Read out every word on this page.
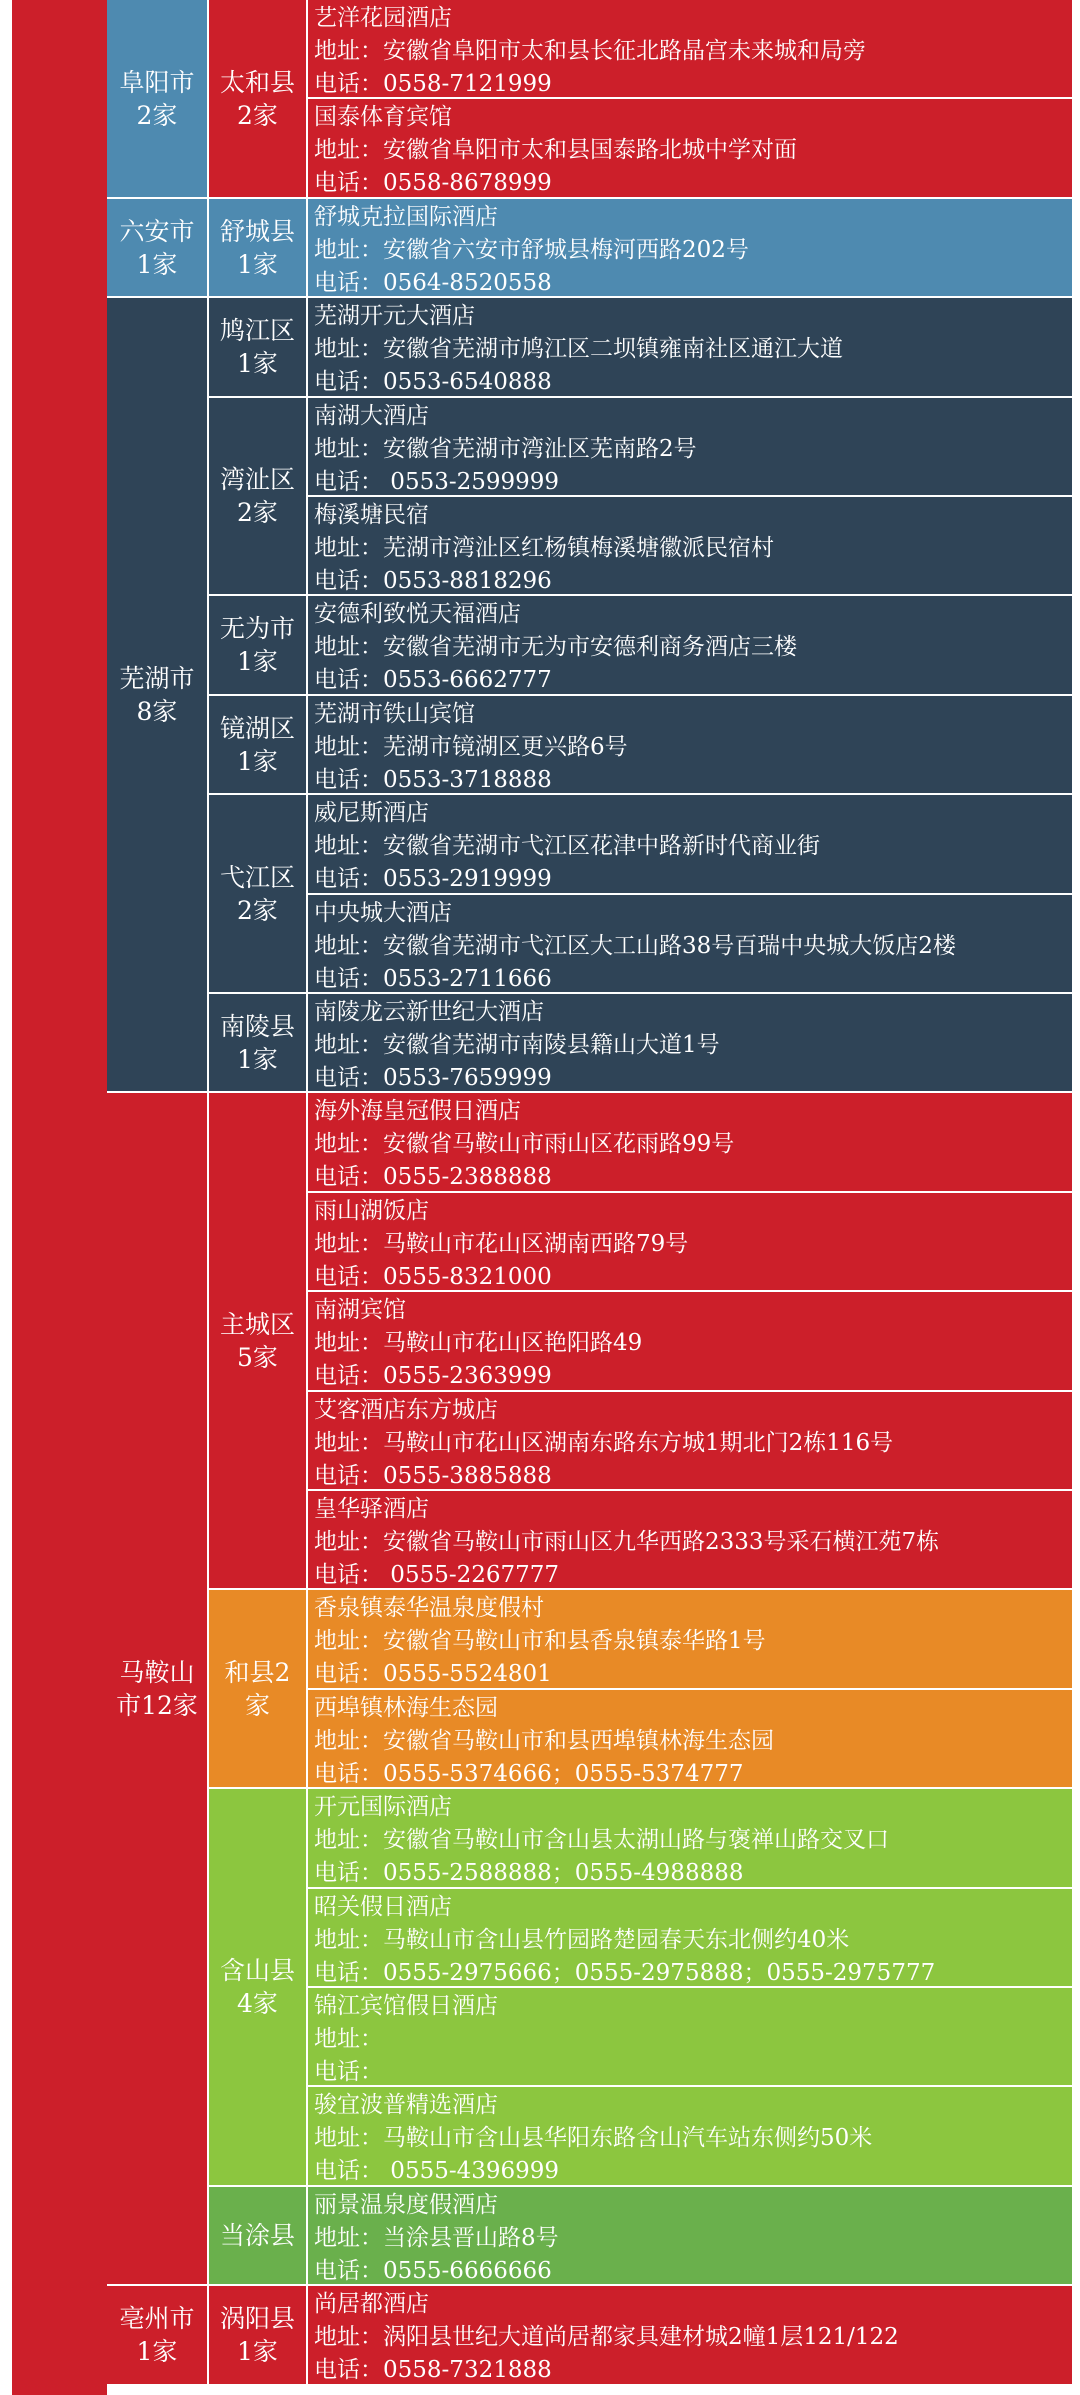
阜阳市
2家
六安市
1家
芜湖市
8家
马鞍山
市12家
亳州市
1家
太和县
2家
舒城县
1家
鸠江区
1家
湾沚区
2家
无为市
1家
镜湖区
1家
弋江区
2家
南陵县
1家
主城区
5家
和县2
家
含山县
4家
当涂县
涡阳县
1家
艺洋花园酒店
地址：安徽省阜阳市太和县长征北路晶宫未来城和局旁
电话：0558-7121999
国泰体育宾馆
地址：安徽省阜阳市太和县国泰路北城中学对面
电话：0558-8678999
舒城克拉国际酒店
地址：安徽省六安市舒城县梅河西路202号
电话：0564-8520558
芜湖开元大酒店
地址：安徽省芜湖市鸠江区二坝镇雍南社区通江大道
电话：0553-6540888
南湖大酒店
地址：安徽省芜湖市湾沚区芜南路2号
电话： 0553-2599999
梅溪塘民宿
地址：芜湖市湾沚区红杨镇梅溪塘徽派民宿村
电话：0553-8818296
安德利致悦天福酒店
地址：安徽省芜湖市无为市安德利商务酒店三楼
电话：0553-6662777
芜湖市铁山宾馆
地址：芜湖市镜湖区更兴路6号
电话：0553-3718888
威尼斯酒店
地址：安徽省芜湖市弋江区花津中路新时代商业街
电话：0553-2919999
中央城大酒店
地址：安徽省芜湖市弋江区大工山路38号百瑞中央城大饭店2楼
电话：0553-2711666
南陵龙云新世纪大酒店
地址：安徽省芜湖市南陵县籍山大道1号
电话：0553-7659999
海外海皇冠假日酒店
地址：安徽省马鞍山市雨山区花雨路99号
电话：0555-2388888
雨山湖饭店
地址：马鞍山市花山区湖南西路79号
电话：0555-8321000
南湖宾馆
地址：马鞍山市花山区艳阳路49
电话：0555-2363999
艾客酒店东方城店
地址：马鞍山市花山区湖南东路东方城1期北门2栋116号
电话：0555-3885888
皇华驿酒店
地址：安徽省马鞍山市雨山区九华西路2333号采石横江苑7栋
电话： 0555-2267777
香泉镇泰华温泉度假村
地址：安徽省马鞍山市和县香泉镇泰华路1号
电话：0555-5524801
西埠镇林海生态园
地址：安徽省马鞍山市和县西埠镇林海生态园
电话：0555-5374666；0555-5374777
开元国际酒店
地址：安徽省马鞍山市含山县太湖山路与褒禅山路交叉口
电话：0555-2588888；0555-4988888
昭关假日酒店
地址：马鞍山市含山县竹园路楚园春天东北侧约40米
电话：0555-2975666；0555-2975888；0555-2975777
锦江宾馆假日酒店
地址：
电话：
骏宜波普精选酒店
地址：马鞍山市含山县华阳东路含山汽车站东侧约50米
电话： 0555-4396999
丽景温泉度假酒店
地址：当涂县晋山路8号
电话：0555-6666666
尚居都酒店
地址：涡阳县世纪大道尚居都家具建材城2幢1层121/122
电话：0558-7321888
